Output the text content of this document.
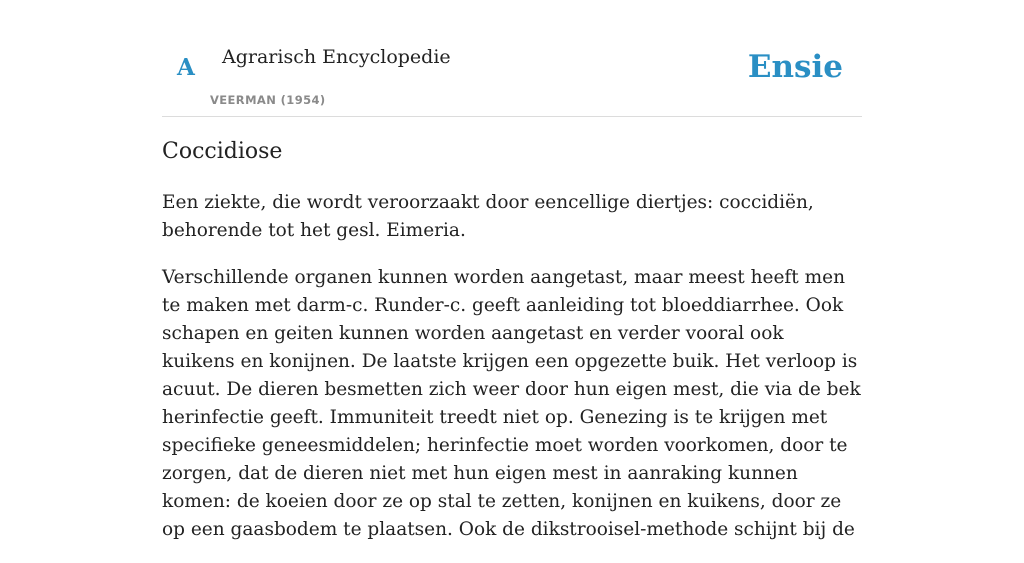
A Agrarisch Encyclopedie
VEERMAN (1954)
Ensie
Coccidiose

Een ziekte, die wordt veroorzaakt door eencellige diertjes: coccidiën, behorende tot het gesl. Eimeria.

Verschillende organen kunnen worden aangetast, maar meest heeft men te maken met darm-c. Runder-c. geeft aanleiding tot bloeddiarrhee. Ook schapen en geiten kunnen worden aangetast en verder vooral ook kuikens en konijnen. De laatste krijgen een opgezette buik. Het verloop is acuut. De dieren besmetten zich weer door hun eigen mest, die via de bek herinfectie geeft. Immuniteit treedt niet op. Genezing is te krijgen met specifieke geneesmiddelen; herinfectie moet worden voorkomen, door te zorgen, dat de dieren niet met hun eigen mest in aanraking kunnen komen: de koeien door ze op stal te zetten, konijnen en kuikens, door ze op een gaasbodem te plaatsen. Ook de dikstrooisel-methode schijnt bij de
